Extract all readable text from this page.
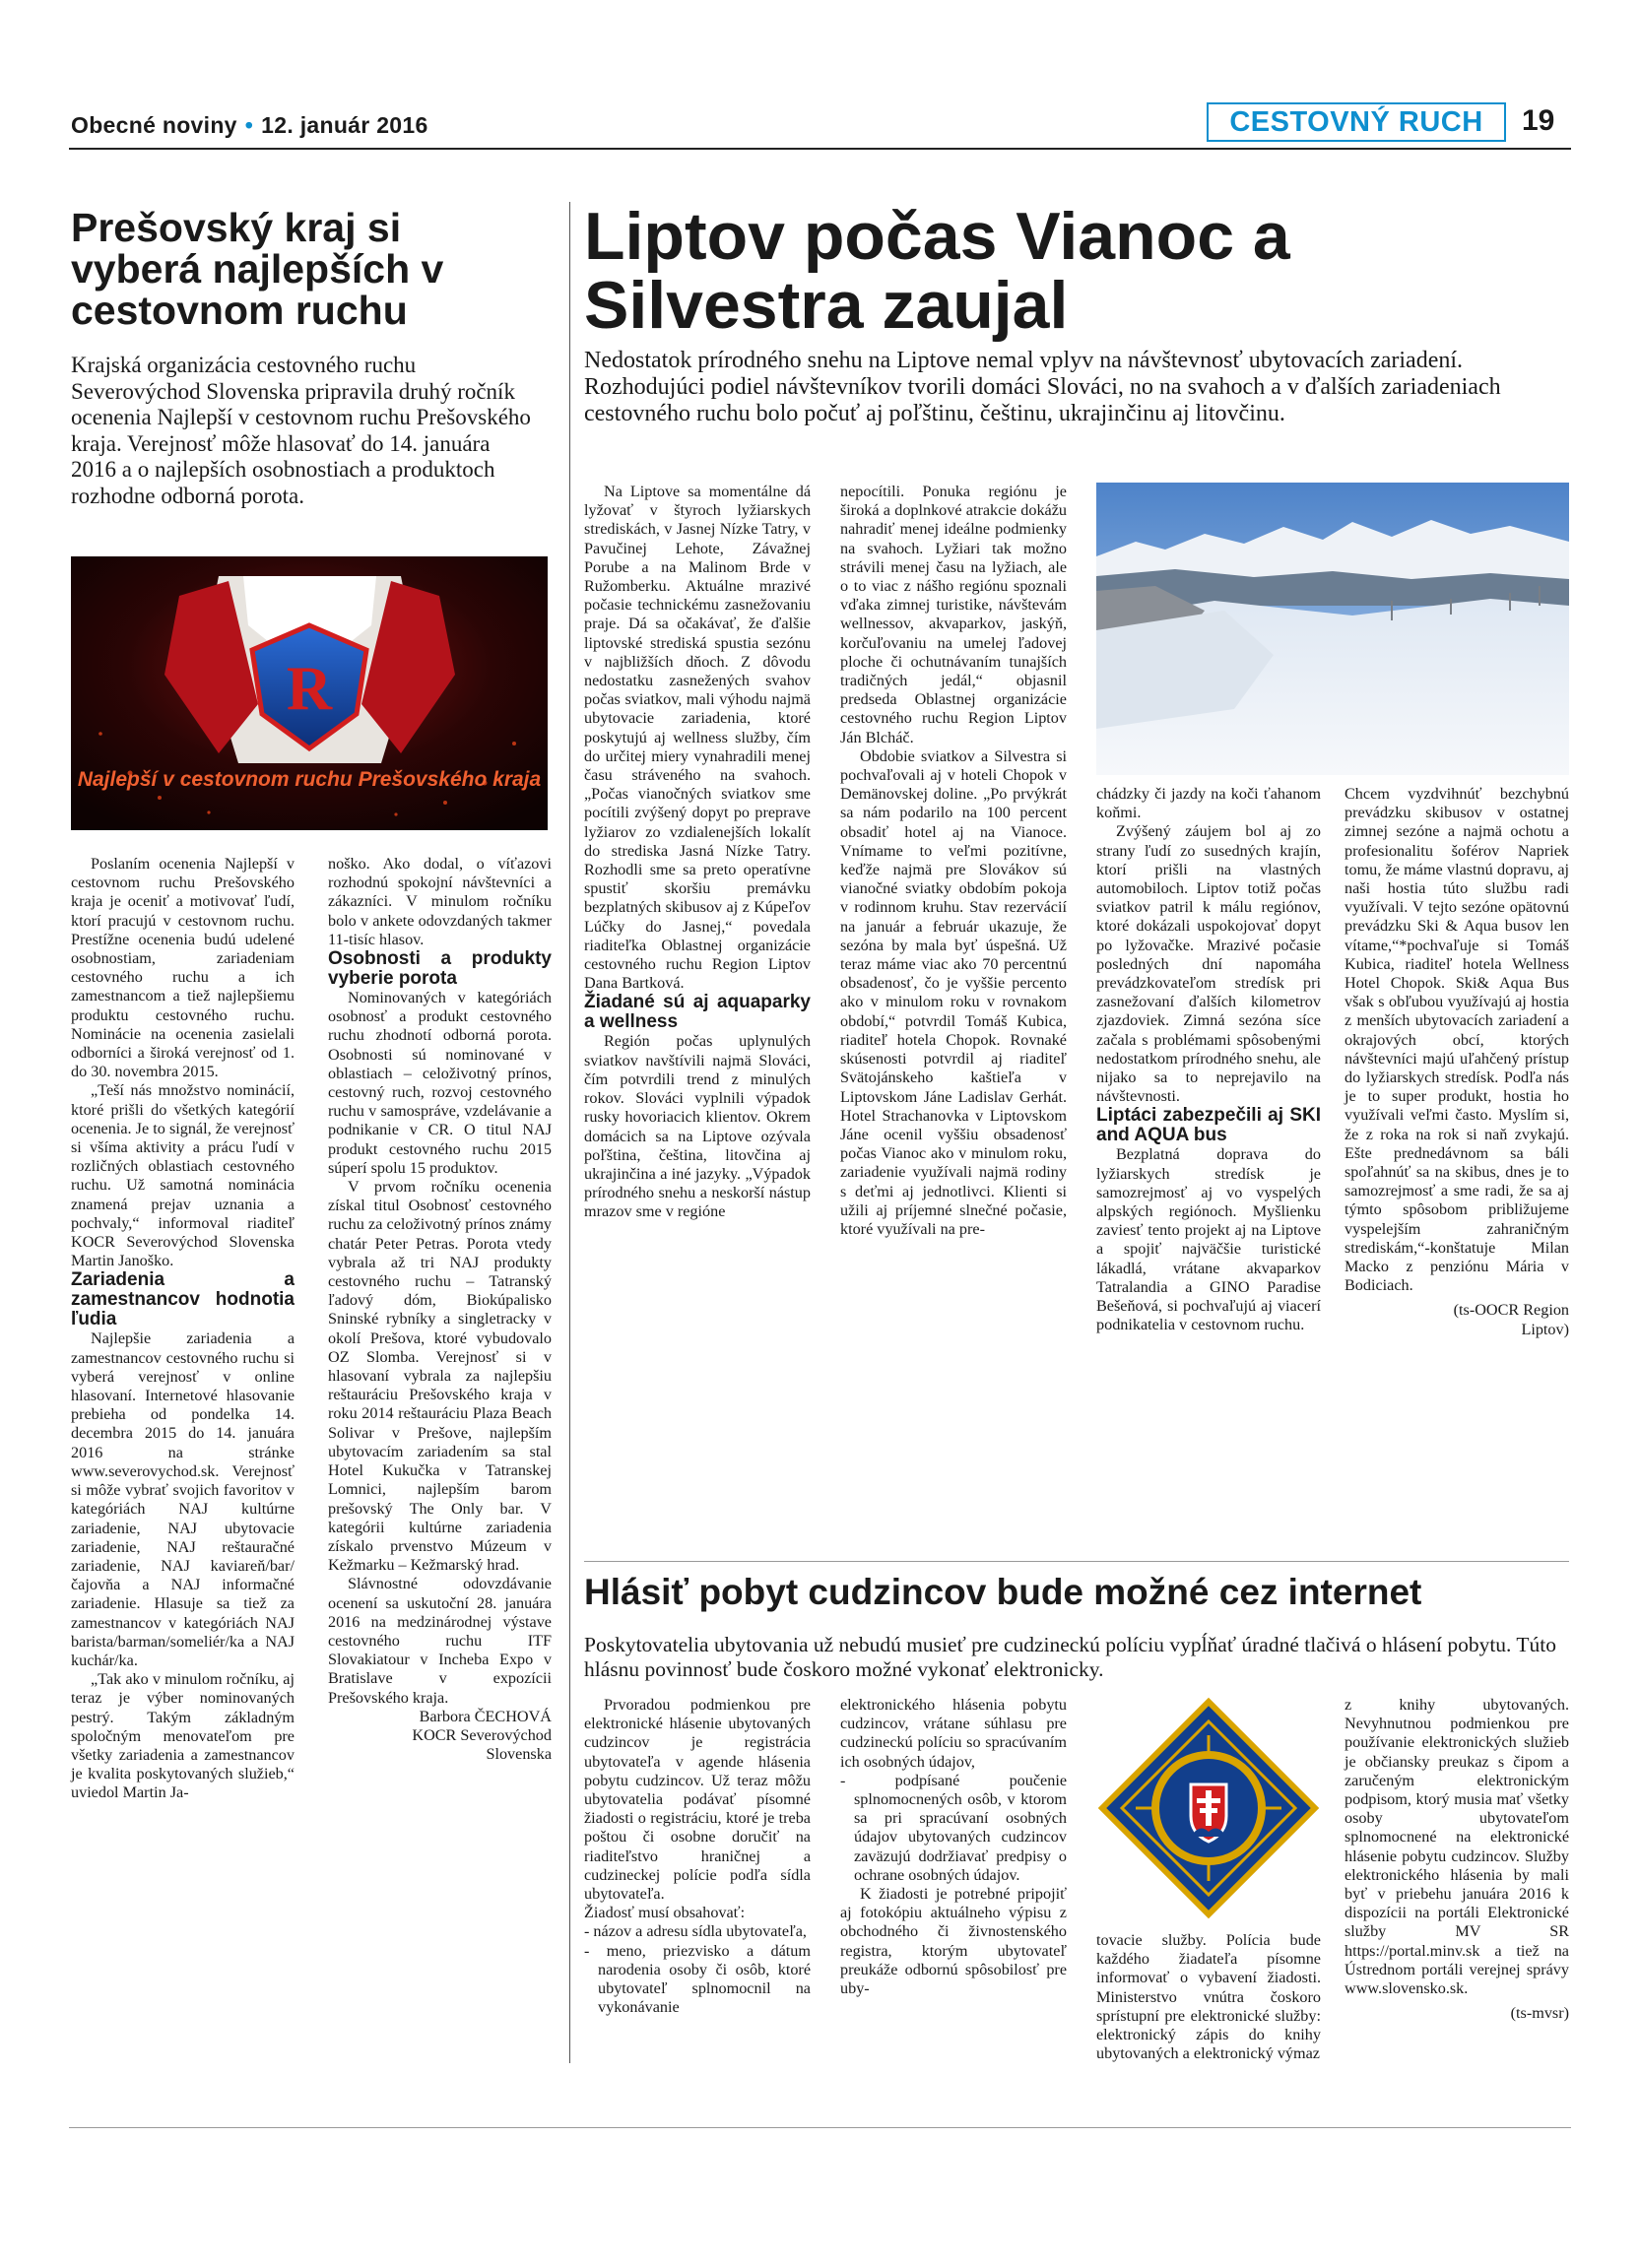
Obecné noviny • 12. január 2016	CESTOVNÝ RUCH	19
Prešovský kraj si vyberá najlepších v cestovnom ruchu

Krajská organizácia cestovného ruchu Severovýchod Slovenska pripravila druhý ročník ocenenia Najlepší v cestovnom ruchu Prešovského kraja. Verejnosť môže hlasovať do 14. januára 2016 a o najlepších osobnostiach a produktoch rozhodne odborná porota.

R
Najlepší v cestovnom ruchu Prešovského kraja

Poslaním ocenenia Najlepší v cestovnom ruchu Prešovského kraja je oceniť a motivovať ľudí, ktorí pracujú v cestovnom ruchu. Prestížne ocenenia budú udelené osobnostiam, zariadeniam cestovného ruchu a ich zamestnancom a tiež najlepšiemu produktu cestovného ruchu. Nominácie na ocenenia zasielali odborníci a široká verejnosť od 1. do 30. novembra 2015.

„Teší nás množstvo nominácií, ktoré prišli do všetkých kategórií ocenenia. Je to signál, že verejnosť si všíma aktivity a prácu ľudí v rozličných oblastiach cestovného ruchu. Už samotná nominácia znamená prejav uznania a pochvaly,“ informoval riaditeľ KOCR Severovýchod Slovenska Martin Janoško.

Zariadenia a zamestnancov hodnotia ľudia

Najlepšie zariadenia a zamestnancov cestovného ruchu si vyberá verejnosť v online hlasovaní. Internetové hlasovanie prebieha od pondelka 14. decembra 2015 do 14. januára 2016 na stránke www.severovychod.sk. Verejnosť si môže vybrať svojich favoritov v kategóriách NAJ kultúrne zariadenie, NAJ ubytovacie zariadenie, NAJ reštauračné zariadenie, NAJ kaviareň/bar/čajovňa a NAJ informačné zariadenie. Hlasuje sa tiež za zamestnancov v kategóriách NAJ barista/barman/someliér/ka a NAJ kuchár/ka.

„Tak ako v minulom ročníku, aj teraz je výber nominovaných pestrý. Takým základným spoločným menovateľom pre všetky zariadenia a zamestnancov je kvalita poskytovaných služieb,“ uviedol Martin Ja-

noško. Ako dodal, o víťazovi rozhodnú spokojní návštevníci a zákazníci. V minulom ročníku bolo v ankete odovzdaných takmer 11-tisíc hlasov.

Osobnosti a produkty vyberie porota

Nominovaných v kategóriách osobnosť a produkt cestovného ruchu zhodnotí odborná porota. Osobnosti sú nominované v oblastiach – celoživotný prínos, cestovný ruch, rozvoj cestovného ruchu v samospráve, vzdelávanie a podnikanie v CR. O titul NAJ produkt cestovného ruchu 2015 súperí spolu 15 produktov.

V prvom ročníku ocenenia získal titul Osobnosť cestovného ruchu za celoživotný prínos známy chatár Peter Petras. Porota vtedy vybrala až tri NAJ produkty cestovného ruchu – Tatranský ľadový dóm, Biokúpalisko Sninské rybníky a singletracky v okolí Prešova, ktoré vybudovalo OZ Slomba. Verejnosť si v hlasovaní vybrala za najlepšiu reštauráciu Prešovského kraja v roku 2014 reštauráciu Plaza Beach Solivar v Prešove, najlepším ubytovacím zariadením sa stal Hotel Kukučka v Tatranskej Lomnici, najlepším barom prešovský The Only bar. V kategórii kultúrne zariadenia získalo prvenstvo Múzeum v Kežmarku – Kežmarský hrad.

Slávnostné odovzdávanie ocenení sa uskutoční 28. januára 2016 na medzinárodnej výstave cestovného ruchu ITF Slovakiatour v Incheba Expo v Bratislave v expozícii Prešovského kraja.

Barbora ČECHOVÁ

KOCR Severovýchod

Slovenska

Liptov počas Vianoc a Silvestra zaujal

Nedostatok prírodného snehu na Liptove nemal vplyv na návštevnosť ubytovacích zariadení. Rozhodujúci podiel návštevníkov tvorili domáci Slováci, no na svahoch a v ďalších zariadeniach cestovného ruchu bolo počuť aj poľštinu, češtinu, ukrajinčinu aj litovčinu.

Na Liptove sa momentálne dá lyžovať v štyroch lyžiarskych strediskách, v Jasnej Nízke Tatry, v Pavučinej Lehote, Závažnej Porube a na Malinom Brde v Ružomberku. Aktuálne mrazivé počasie technickému zasnežovaniu praje. Dá sa očakávať, že ďalšie liptovské strediská spustia sezónu v najbližších dňoch. Z dôvodu nedostatku zasnežených svahov počas sviatkov, mali výhodu najmä ubytovacie zariadenia, ktoré poskytujú aj wellness služby, čím do určitej miery vynahradili menej času stráveného na svahoch. „Počas vianočných sviatkov sme pocítili zvýšený dopyt po preprave lyžiarov zo vzdialenejších lokalít do strediska Jasná Nízke Tatry. Rozhodli sme sa preto operatívne spustiť skoršiu premávku bezplatných skibusov aj z Kúpeľov Lúčky do Jasnej,“ povedala riaditeľka Oblastnej organizácie cestovného ruchu Region Liptov Dana Bartková.

Žiadané sú aj aquaparky a wellness

Región počas uplynulých sviatkov navštívili najmä Slováci, čím potvrdili trend z minulých rokov. Slováci vyplnili výpadok rusky hovoriacich klientov. Okrem domácich sa na Liptove ozývala poľština, čeština, litovčina aj ukrajinčina a iné jazyky. „Výpadok prírodného snehu a neskorší nástup mrazov sme v regióne

nepocítili. Ponuka regiónu je široká a doplnkové atrakcie dokážu nahradiť menej ideálne podmienky na svahoch. Lyžiari tak možno strávili menej času na lyžiach, ale o to viac z nášho regiónu spoznali vďaka zimnej turistike, návštevám wellnessov, akvaparkov, jaskýň, korčuľovaniu na umelej ľadovej ploche či ochutnávaním tunajších tradičných jedál,“ objasnil predseda Oblastnej organizácie cestovného ruchu Region Liptov Ján Blcháč.

Obdobie sviatkov a Silvestra si pochvaľovali aj v hoteli Chopok v Demänovskej doline. „Po prvýkrát sa nám podarilo na 100 percent obsadiť hotel aj na Vianoce. Vnímame to veľmi pozitívne, keďže najmä pre Slovákov sú vianočné sviatky obdobím pokoja v rodinnom kruhu. Stav rezervácií na január a február ukazuje, že sezóna by mala byť úspešná. Už teraz máme viac ako 70 percentnú obsadenosť, čo je vyššie percento ako v minulom roku v rovnakom období,“ potvrdil Tomáš Kubica, riaditeľ hotela Chopok. Rovnaké skúsenosti potvrdil aj riaditeľ Svätojánskeho kaštieľa v Liptovskom Jáne Ladislav Gerhát. Hotel Strachanovka v Liptovskom Jáne ocenil vyššiu obsadenosť počas Vianoc ako v minulom roku, zariadenie využívali najmä rodiny s deťmi aj jednotlivci. Klienti si užili aj príjemné slnečné počasie, ktoré využívali na pre-

chádzky či jazdy na koči ťahanom koňmi.

Zvýšený záujem bol aj zo strany ľudí zo susedných krajín, ktorí prišli na vlastných automobiloch. Liptov totiž počas sviatkov patril k málu regiónov, ktoré dokázali uspokojovať dopyt po lyžovačke. Mrazivé počasie posledných dní napomáha prevádzkovateľom stredísk pri zasnežovaní ďalších kilometrov zjazdoviek. Zimná sezóna síce začala s problémami spôsobenými nedostatkom prírodného snehu, ale nijako sa to neprejavilo na návštevnosti.

Liptáci zabezpečili aj SKI and AQUA bus

Bezplatná doprava do lyžiarskych stredísk je samozrejmosť aj vo vyspelých alpských regiónoch. Myšlienku zaviesť tento projekt aj na Liptove a spojiť najväčšie turistické lákadlá, vrátane akvaparkov Tatralandia a GINO Paradise Bešeňová, si pochvaľujú aj viacerí podnikatelia v cestovnom ruchu.

Chcem vyzdvihnúť bezchybnú prevádzku skibusov v ostatnej zimnej sezóne a najmä ochotu a profesionalitu šoférov Napriek tomu, že máme vlastnú dopravu, aj naši hostia túto službu radi využívali. V tejto sezóne opätovnú prevádzku Ski & Aqua busov len vítame,“*pochvaľuje si Tomáš Kubica, riaditeľ hotela Wellness Hotel Chopok. Ski& Aqua Bus však s obľubou využívajú aj hostia z menších ubytovacích zariadení a okrajových obcí, ktorých návštevníci majú uľahčený prístup do lyžiarskych stredísk. Podľa nás je to super produkt, hostia ho využívali veľmi často. Myslím si, že z roka na rok si naň zvykajú. Ešte prednedávnom sa báli spoľahnúť sa na skibus, dnes je to samozrejmosť a sme radi, že sa aj týmto spôsobom približujeme vyspelejším zahraničným strediskám,“-konštatuje Milan Macko z penziónu Mária v Bodiciach.

(ts-OOCR Region

Liptov)

Hlásiť pobyt cudzincov bude možné cez internet

Poskytovatelia ubytovania už nebudú musieť pre cudzineckú políciu vypĺňať úradné tlačivá o hlásení pobytu. Túto hlásnu povinnosť bude čoskoro možné vykonať elektronicky.

Prvoradou podmienkou pre elektronické hlásenie ubytovaných cudzincov je registrácia ubytovateľa v agende hlásenia pobytu cudzincov. Už teraz môžu ubytovatelia podávať písomné žiadosti o registráciu, ktoré je treba poštou či osobne doručiť na riaditeľstvo hraničnej a cudzineckej polície podľa sídla ubytovateľa.

Žiadosť musí obsahovať:

- názov a adresu sídla ubytovateľa,

- meno, priezvisko a dátum narodenia osoby či osôb, ktoré ubytovateľ splnomocnil na vykonávanie

elektronického hlásenia pobytu cudzincov, vrátane súhlasu pre cudzineckú políciu so spracúvaním ich osobných údajov,

- podpísané poučenie splnomocnených osôb, v ktorom sa pri spracúvaní osobných údajov ubytovaných cudzincov zaväzujú dodržiavať predpisy o ochrane osobných údajov.

K žiadosti je potrebné pripojiť aj fotokópiu aktuálneho výpisu z obchodného či živnostenského registra, ktorým ubytovateľ preukáže odbornú spôsobilosť pre uby-

tovacie služby. Polícia bude každého žiadateľa písomne informovať o vybavení žiadosti. Ministerstvo vnútra čoskoro sprístupní pre elektronické služby: elektronický zápis do knihy ubytovaných a elektronický výmaz

z knihy ubytovaných. Nevyhnutnou podmienkou pre používanie elektronických služieb je občiansky preukaz s čipom a zaručeným elektronickým podpisom, ktorý musia mať všetky osoby ubytovateľom splnomocnené na elektronické hlásenie pobytu cudzincov. Služby elektronického hlásenia by mali byť v priebehu januára 2016 k dispozícii na portáli Elektronické služby MV SR https://portal.minv.sk a tiež na Ústrednom portáli verejnej správy www.slovensko.sk.

(ts-mvsr)
